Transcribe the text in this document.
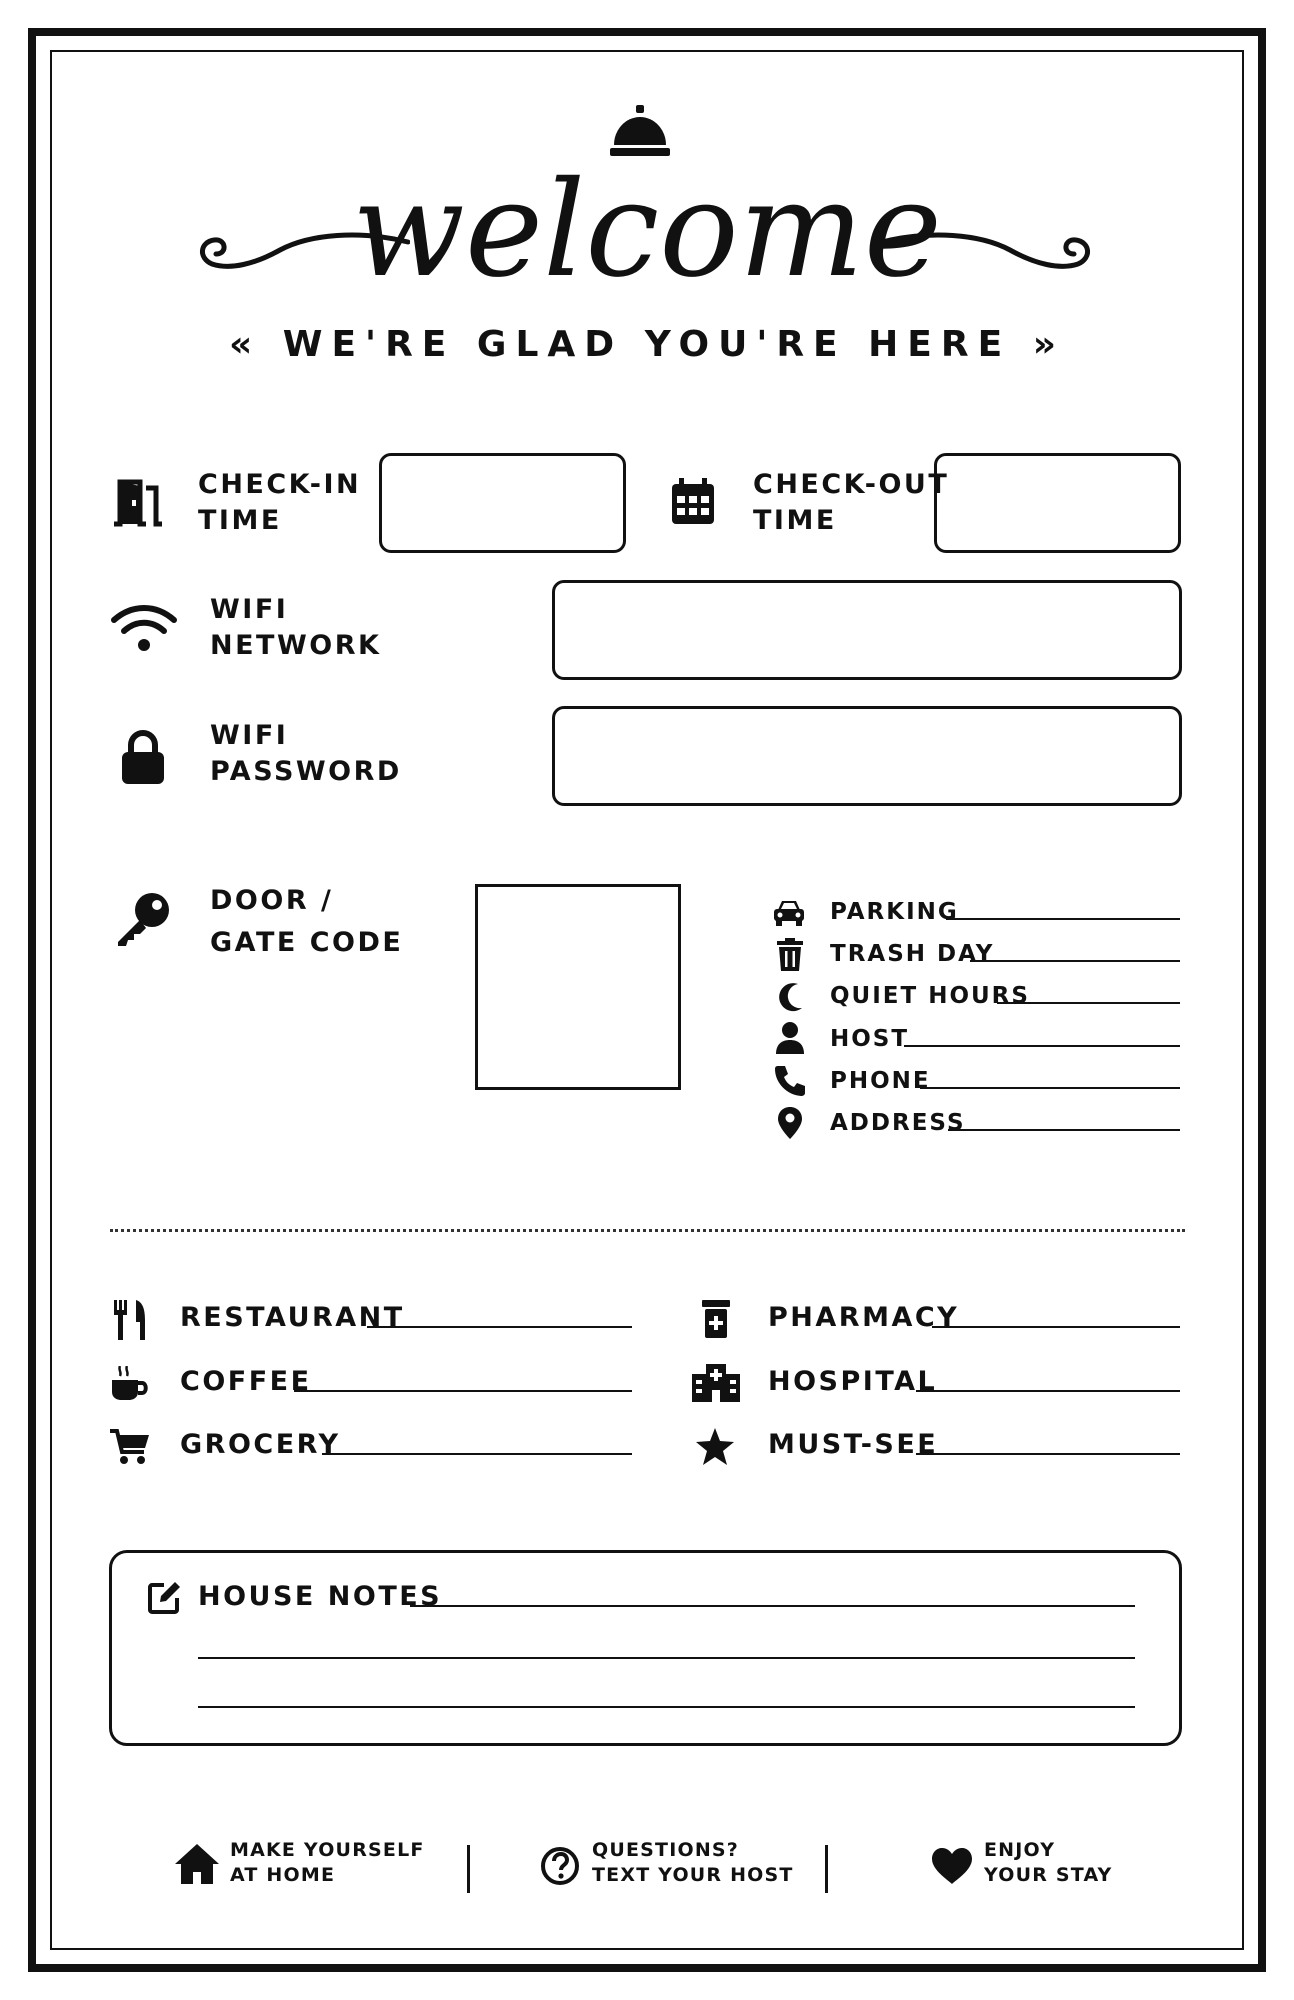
welcome
« WE'RE GLAD YOU'RE HERE »
CHECK-IN
TIME
CHECK-OUT
TIME
WIFI
NETWORK
WIFI
PASSWORD
DOOR /
GATE CODE
PARKING
TRASH DAY
QUIET HOURS
HOST
PHONE
ADDRESS
RESTAURANT
COFFEE
GROCERY
PHARMACY
HOSPITAL
MUST-SEE
HOUSE NOTES
MAKE YOURSELF
AT HOME
QUESTIONS?
TEXT YOUR HOST
ENJOY
YOUR STAY
